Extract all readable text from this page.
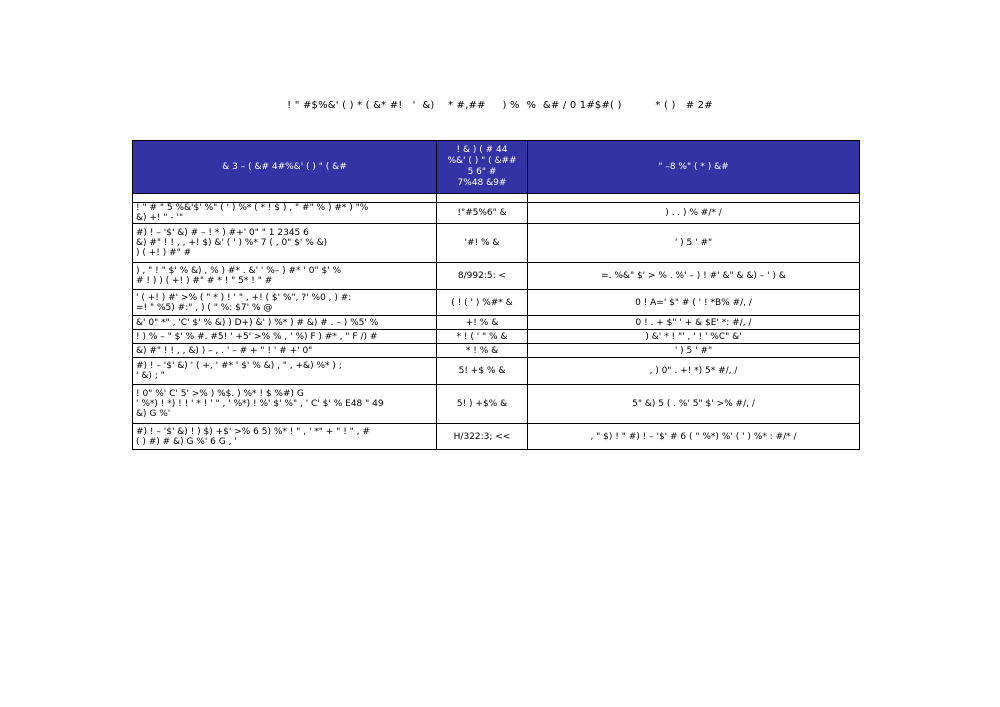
! " #$%&' ( ) * ( &* #!   '  &)    * #,##     ) %  %  &# / 0 1#$#( )          * ( )   # 2#
& 3 – ( &# 4#%&' ( ) " ( &#	! & ) ( # 44
%&' ( ) " ( &##
5 6" #
7%48 &9#	" –8 %" ( * ) &#

! " # " 5 %&'$' %" ( ' ) %* ( * ! $ ) , " #" % ) #* ) "%
&) +! " - '"	!"#5%6" &	) . . ) % #/* /
#) ! – '$' &) # – ! * ) #+' 0" " 1 2345 6
&) #" ! ! , , +! $) &' ( ' ) %* 7 ( , 0" $' % &)
) ( +! ) #" #	'#! % &	' ) 5 ' #"
) , " ! " $' % &) , % ) #* . &' ' %– ) #* ' 0" $' %
# ! ) ) ( +! ) #" # * ! " 5* ! " #	8/992:5: <	=. %&" $' > % . %' – ) ! #' &" & &) – ' ) &
' ( +! ) #' >% ( " * ) ! ' " , +! ( $' %", ?' %0 , ) #:
=! " %5) #:" , ) ( " %: $7' % @	( ! ( ' ) %#* &	0 ! A=' $" # ( ' ! *B% #/, /
&' 0" *" , 'C' $' % &) ) D+) &' ) %* ) # &) # . – ) %5' %	+! % &	0 ! . + $" ' + & $E' *: #/, /
! ) % – " $' % #. #5! ' +5' >% % , ' %) F ) #* , " F /) #	* ! ( ' " % &	) &' * ! "' , ' ! ' %C" &'
&) #" ! ! , , &) ) – , . ' – # + " ! ' # +' 0"	* ! % &	' ) 5 ' #"
#) ! – '$' &) ' ( +, ' #* ' $' % &) , " , +&) %* ) ;
' &) ; "	5! +$ % &	, ) 0" . +! *) 5* #/, /
! 0" %' C' 5' >% ) %$. ) %* ! $ %#) G
' %*) ! *) ! ! ' * ! ' " , ' %*) ! %' $' %" , ' C' $' % E48 " 49
&) G %'	5! ) +$% &	5" &) 5 ( . %' 5" $' >% #/, /
#) ! – '$' &) ! ) $) +$' >% 6 5) %* ! " , ' *" + " ! " , #
( ) #) # &) G %' 6 G , '	H/322:3; <<	, " $) ! " #) ! – '$' # 6 ( " %*) %' ( ' ) %* : #/* /
